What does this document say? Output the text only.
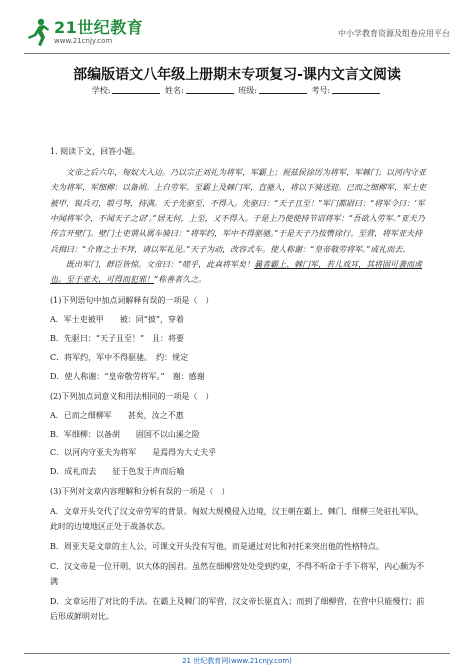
21世纪教育
www.21cnjy.com
中小学教育资源及组卷应用平台
部编版语文八年级上册期末专项复习-课内文言文阅读
学校:	姓名:	班级:	考号:

1. 阅读下文，回答小题。

文帝之后六年，匈奴大入边。乃以宗正刘礼为将军，军霸上；祝兹侯徐厉为将军，军棘门；以河内守亚夫为将军，军细柳：以备胡。上自劳军。至霸上及棘门军，直驰入，将以下骑送迎。已而之细柳军，军士吏被甲，锐兵刃，彀弓弩，持满。天子先驱至，不得入。先驱曰：“天子且至！”军门都尉曰：“将军令曰：‘军中闻将军令，不闻天子之诏’。”居无何，上至，又不得入。于是上乃使使持节诏将军：“吾欲入劳军。”亚夫乃传言开壁门。壁门士吏谓从属车骑曰：“将军约，军中不得驱驰。”于是天子乃按辔徐行。至营，将军亚夫持兵揖曰：“介胄之士不拜，请以军礼见。”天子为动，改容式车。使人称谢：“皇帝敬劳将军。”成礼而去。

既出军门，群臣皆惊。文帝曰：“嗟乎，此真将军矣！曩者霸上、棘门军，若儿戏耳，其将固可袭而虏也。至于亚夫，可得而犯邪！”称善者久之。

(1)下列语句中加点词解释有误的一项是（　）

A．军士吏被甲　　被：同“披”，穿着

B．先驱曰：“天子且至！”　且：将要

C．将军约，军中不得驱驰。　约：规定

D．使人称谢：“皇帝敬劳将军。”　谢：感谢

(2)下列加点词意义和用法相同的一项是（　）

A．已而之细柳军　　甚矣，汝之不惠

B．军细柳：以备胡　　固国不以山溪之险

C．以河内守亚夫为将军　　是焉得为大丈夫乎

D．成礼而去　　征于色发于声而后喻

(3)下列对文章内容理解和分析有误的一项是（　）

A．文章开头交代了汉文帝劳军的背景。匈奴大规模侵入边境，汉王朝在霸上、棘门、细柳三处驻扎军队，此时的边境地区正处于战备状态。

B．周亚夫是文章的主人公，可课文开头没有写他，而是通过对比和衬托来突出他的性格特点。

C．汉文帝是一位开明、识大体的国君。虽然在细柳营处处受到约束，不得不听命于手下将军，内心颇为不满

D．文章运用了对比的手法。在霸上及棘门的军营，汉文帝长驱直入；而到了细柳营，在营中只能慢行；前后形成鲜明对比。

21 世纪教育网(www.21cnjy.com)
